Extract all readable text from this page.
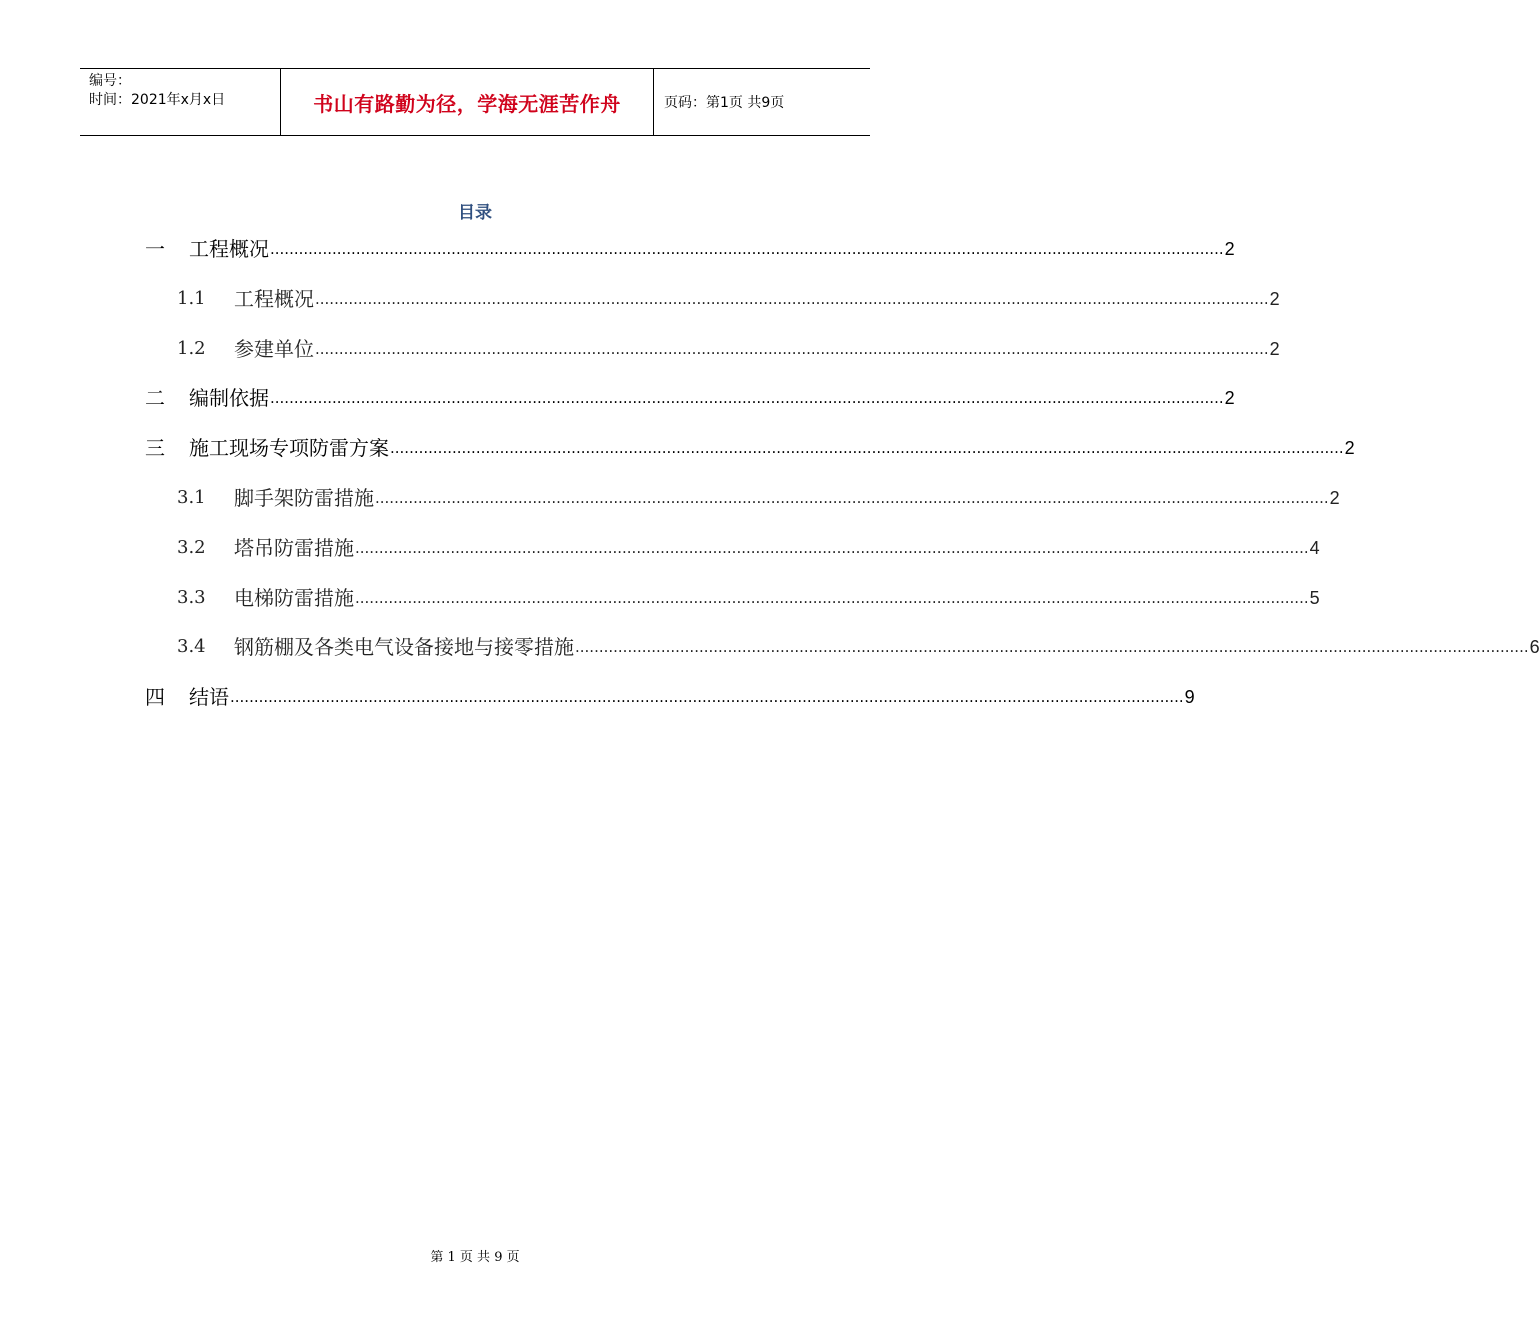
编号：
时间：2021年x月x日	书山有路勤为径，学海无涯苦作舟	页码：第1页 共9页
目录
一	工程概况 ........................................................................................................................................................................................................ 2
1.1	工程概况 ........................................................................................................................................................................................................ 2
1.2	参建单位 ........................................................................................................................................................................................................ 2
二	编制依据 ........................................................................................................................................................................................................ 2
三	施工现场专项防雷方案 ........................................................................................................................................................................................................ 2
3.1	脚手架防雷措施 ........................................................................................................................................................................................................ 2
3.2	塔吊防雷措施 ........................................................................................................................................................................................................ 4
3.3	电梯防雷措施 ........................................................................................................................................................................................................ 5
3.4	钢筋棚及各类电气设备接地与接零措施 ........................................................................................................................................................................................................ 6
四	结语 ........................................................................................................................................................................................................ 9
第 1 页 共 9 页
